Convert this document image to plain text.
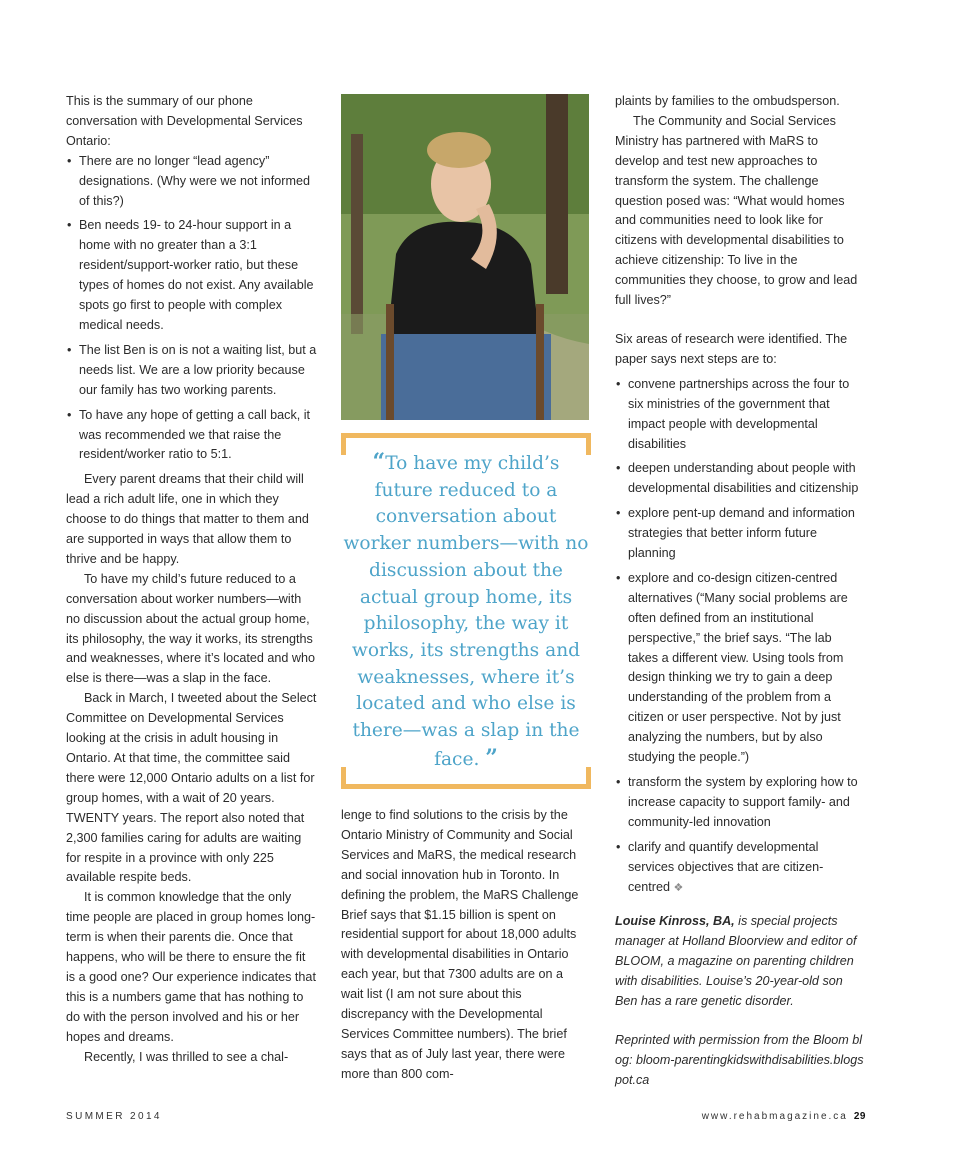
This is the summary of our phone conversation with Developmental Services Ontario:

• There are no longer “lead agency” designations. (Why were we not informed of this?)
• Ben needs 19- to 24-hour support in a home with no greater than a 3:1 resident/support-worker ratio, but these types of homes do not exist. Any available spots go first to people with complex medical needs.
• The list Ben is on is not a waiting list, but a needs list. We are a low priority because our family has two working parents.
• To have any hope of getting a call back, it was recommended we that raise the resident/worker ratio to 5:1.

Every parent dreams that their child will lead a rich adult life, one in which they choose to do things that matter to them and are supported in ways that allow them to thrive and be happy.

To have my child’s future reduced to a conversation about worker numbers—with no discussion about the actual group home, its philosophy, the way it works, its strengths and weaknesses, where it’s located and who else is there—was a slap in the face.

Back in March, I tweeted about the Select Committee on Developmental Services looking at the crisis in adult housing in Ontario. At that time, the committee said there were 12,000 Ontario adults on a list for group homes, with a wait of 20 years. TWENTY years. The report also noted that 2,300 families caring for adults are waiting for respite in a province with only 225 available respite beds.

It is common knowledge that the only time people are placed in group homes long-term is when their parents die. Once that happens, who will be there to ensure the fit is a good one? Our experience indicates that this is a numbers game that has nothing to do with the person involved and his or her hopes and dreams.

Recently, I was thrilled to see a chal-

“To have my child’s future reduced to a conversation about worker numbers—with no discussion about the actual group home, its philosophy, the way it works, its strengths and weaknesses, where it’s located and who else is there—was a slap in the face. ”

lenge to find solutions to the crisis by the Ontario Ministry of Community and Social Services and MaRS, the medical research and social innovation hub in Toronto. In defining the problem, the MaRS Challenge Brief says that $1.15 billion is spent on residential support for about 18,000 adults with developmental disabilities in Ontario each year, but that 7300 adults are on a wait list (I am not sure about this discrepancy with the Developmental Services Committee numbers). The brief says that as of July last year, there were more than 800 com-

plaints by families to the ombudsperson.

The Community and Social Services Ministry has partnered with MaRS to develop and test new approaches to transform the system. The challenge question posed was: “What would homes and communities need to look like for citizens with developmental disabilities to achieve citizenship: To live in the communities they choose, to grow and lead full lives?”

Six areas of research were identified. The paper says next steps are to:

• convene partnerships across the four to six ministries of the government that impact people with developmental disabilities
• deepen understanding about people with developmental disabilities and citizenship
• explore pent-up demand and information strategies that better inform future planning
• explore and co-design citizen-centred alternatives (“Many social problems are often defined from an institutional perspective,” the brief says. “The lab takes a different view. Using tools from design thinking we try to gain a deep understanding of the problem from a citizen or user perspective. Not by just analyzing the numbers, but by also studying the people.”)
• transform the system by exploring how to increase capacity to support family- and community-led innovation
• clarify and quantify developmental services objectives that are citizen-centred ❖

Louise Kinross, BA, is special projects manager at Holland Bloorview and editor of BLOOM, a magazine on parenting children with disabilities. Louise’s 20-year-old son Ben has a rare genetic disorder.

Reprinted with permission from the Bloom blog: bloom-parentingkidswithdisabilities.blogspot.ca

SUMMER 2014	www.rehabmagazine.ca 29
